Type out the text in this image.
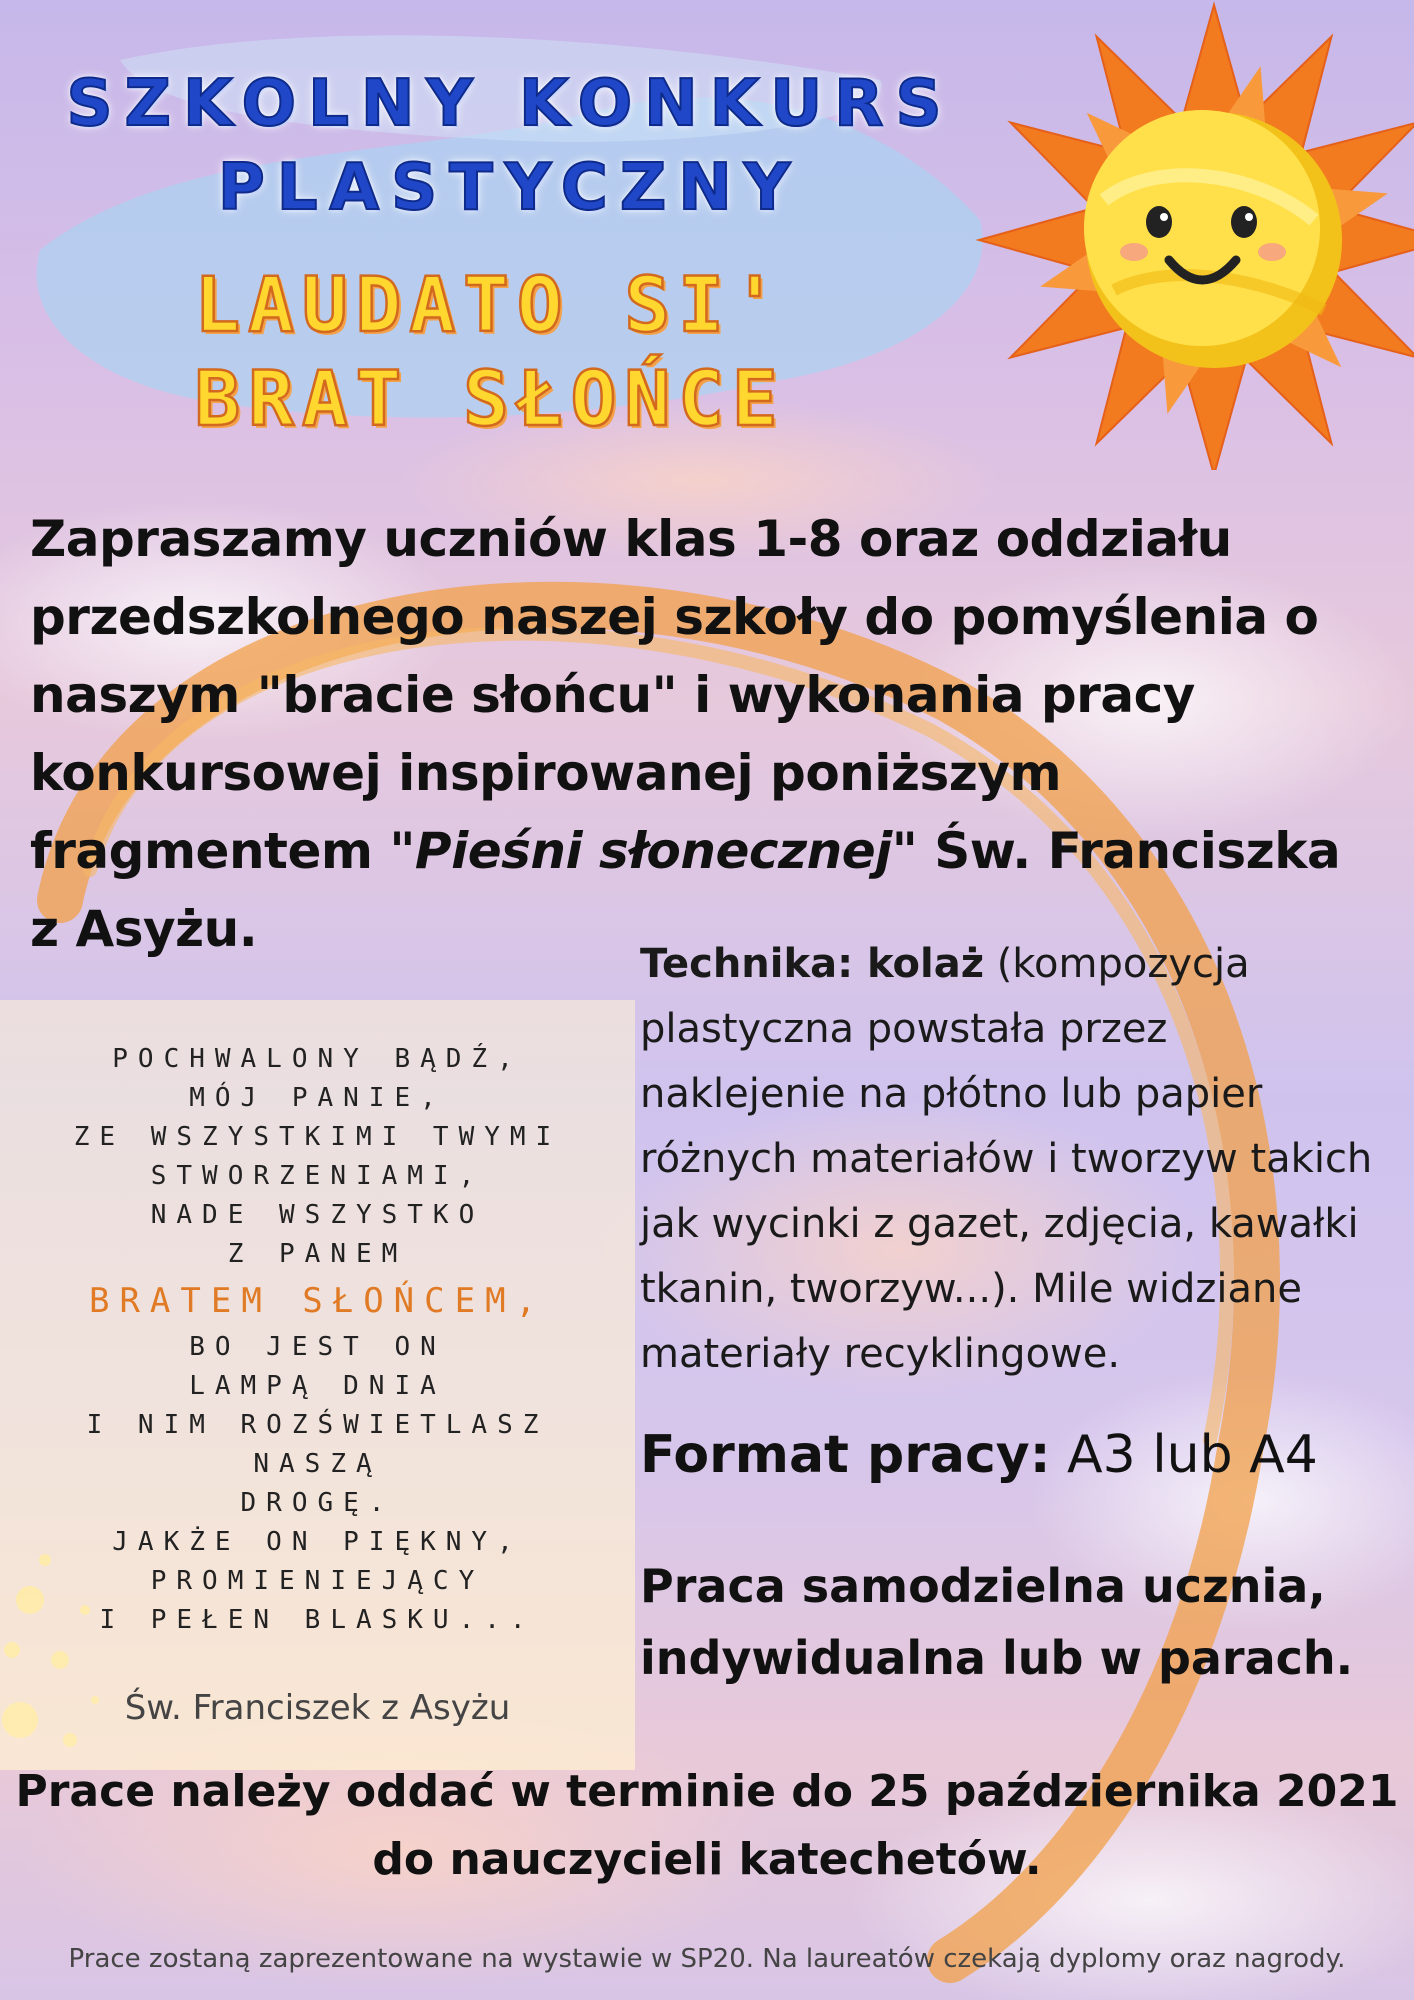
SZKOLNY KONKURS
PLASTYCZNY
LAUDATO SI'
BRAT SŁOŃCE
Zapraszamy uczniów klas 1-8 oraz oddziału przedszkolnego naszej szkoły do pomyślenia o naszym "bracie słońcu" i wykonania pracy konkursowej inspirowanej poniższym fragmentem "Pieśni słonecznej" Św. Franciszka z Asyżu.
POCHWALONY BĄDŹ,
MÓJ PANIE,
ZE WSZYSTKIMI TWYMI
STWORZENIAMI,
NADE WSZYSTKO
Z PANEM
BRATEM SŁOŃCEM,
BO JEST ON
LAMPĄ DNIA
I NIM ROZŚWIETLASZ
NASZĄ
DROGĘ.
JAKŻE ON PIĘKNY,
PROMIENIEJĄCY
I PEŁEN BLASKU...
Św. Franciszek z Asyżu
Technika: kolaż (kompozycja plastyczna powstała przez naklejenie na płótno lub papier różnych materiałów i tworzyw takich jak wycinki z gazet, zdjęcia, kawałki tkanin, tworzyw...). Mile widziane materiały recyklingowe.
Format pracy: A3 lub A4
Praca samodzielna ucznia, indywidualna lub w parach.
Prace należy oddać w terminie do 25 października 2021
do nauczycieli katechetów.
Prace zostaną zaprezentowane na wystawie w SP20. Na laureatów czekają dyplomy oraz nagrody.
